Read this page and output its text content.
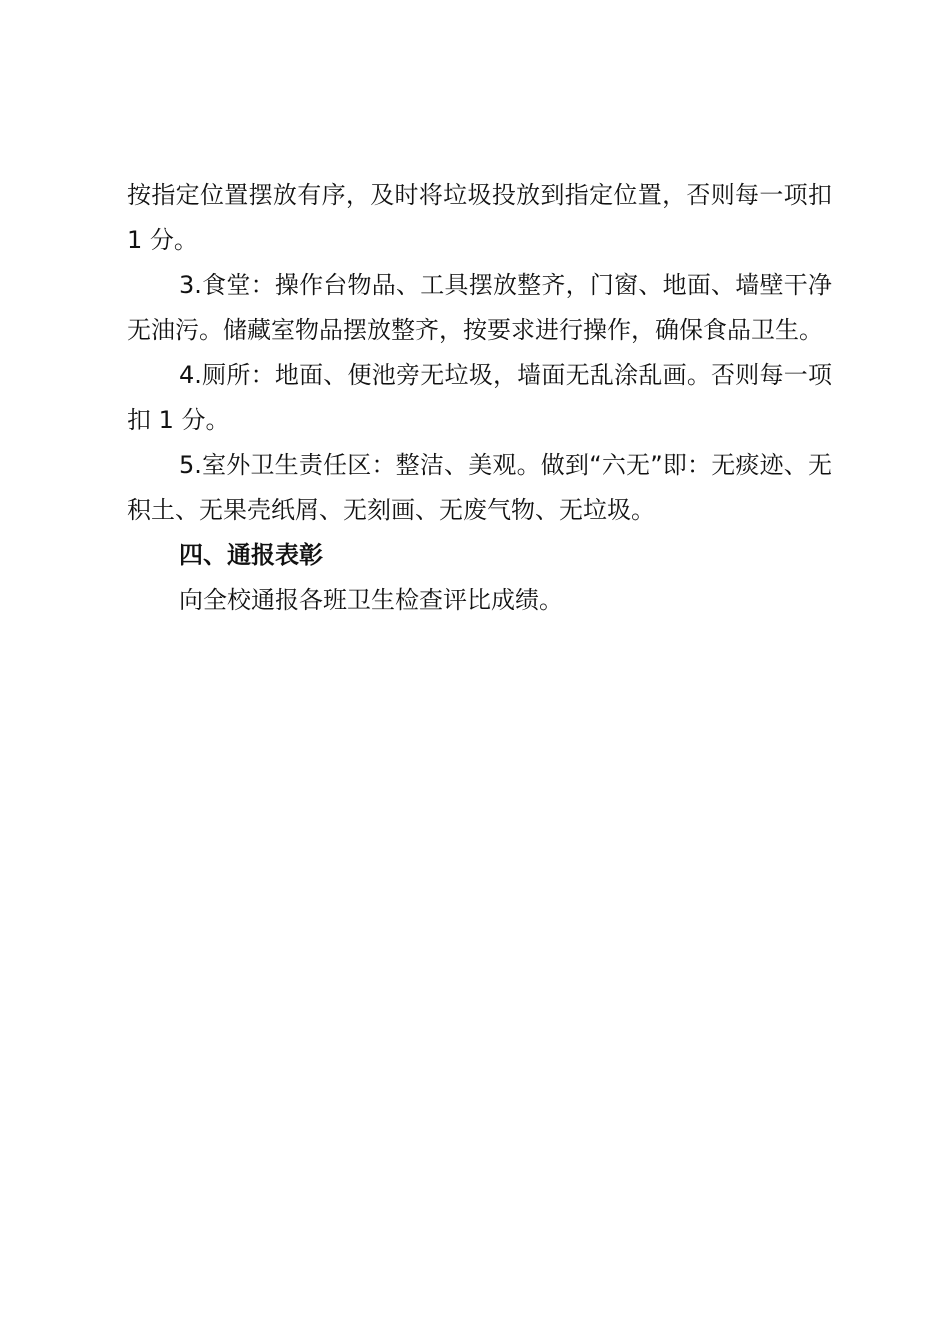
按指定位置摆放有序，及时将垃圾投放到指定位置，否则每一项扣 1 分。

3.食堂：操作台物品、工具摆放整齐，门窗、地面、墙壁干净无油污。储藏室物品摆放整齐，按要求进行操作，确保食品卫生。

4.厕所：地面、便池旁无垃圾，墙面无乱涂乱画。否则每一项扣 1 分。

5.室外卫生责任区：整洁、美观。做到“六无”即：无痰迹、无积土、无果壳纸屑、无刻画、无废气物、无垃圾。

四、通报表彰

向全校通报各班卫生检查评比成绩。
